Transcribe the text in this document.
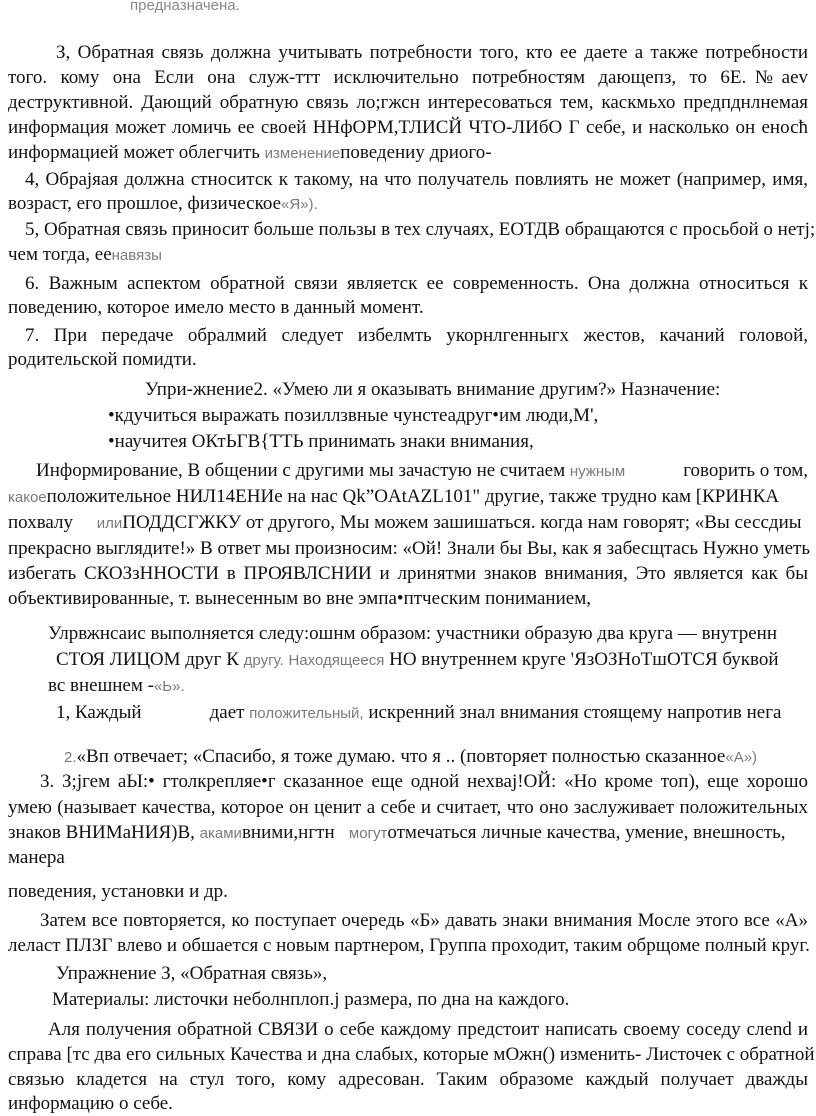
предназначена.

З, Обратная связь должна учитывать потребности того, кто ее даете а также потребности

того. кому она Если она служ-ттт исключительно потребностям дающепз, то 6Е.№aev

деструктивной. Дающий обратную связь ло;гжсн интересоваться тем, каскмьхо предпднлнемая

информация может ломичь ее своей ННфОРМ,ТЛИСЙ ЧТО-ЛИбО Г себе, и насколько он еносћ

информацией может облегчить изменениеповедениу дриого-

4, Обрајяая должна стноситск к такому, на что получатель повлиять не может (например, имя,

возраст, его прошлое, физическое«Я»).

5, Обратная связь приносит больше пользы в тех случаях, ЕОТДВ обращаются с просьбой о нетј;

чем тогда, еенавязы

6. Важным аспектом обратной связи являетск ее современность. Она должна относиться к

поведению, которое имело место в данный момент.

7. При передаче обралмий следует избелмть укорнлгенныгх жестов, качаний головой,

родительской помидти.

Упри-жнение2. «Умею ли я оказывать внимание другим?» Назначение:

•кдучиться выражать позиллзвные чунстеадруг•им люди,М',

•научитея ОКтЬГВ{ТТЬ принимать знаки внимания,

Информирование, В общении с другими мы зачастую не считаем нужным	говорить о том,

какоеположительное НИЛ14ЕНИе на нас Qk”OAtAZL101" другие, также трудно кам [КРИНКА

похвалу илиПОДДСГЖКУ от другого, Мы можем зашишаться. когда нам говорят; «Вы сессдиы

прекрасно выглядите!» В ответ мы произносим: «Ой! Знали бы Вы, как я забесщтась Нужно уметь

избегать СКОЗзННОСТИ в ПРОЯВЛСНИИ и лринятми знаков внимания, Это является как бы

объективированные, т. вынесенным во вне эмпа•птческим пониманием,

Улрвжнсаис выполняется следу:ошнм образом: участники образую два круга — внутренн

СТОЯ ЛИЦОМ друг К другу. Находящееся НО внутреннем круге 'ЯзОЗНоТшОТСЯ буквой

вс внешнем -«Ь».

1, Каждый	дает положительный, искренний знал внимания стоящему напротив нега

2.«Вп отвечает; «Спасибо, я тоже думаю. что я .. (повторяет полностью сказанное«А»)

3. З;jгем аЫ:• гтолкрепляе•г сказанное еще одной нехваj!ОЙ: «Но кроме топ), еще хорошо

умею (называет качества, которое он ценит а себе и считает, что оно заслуживает положительных

знаков ВНИМаНИЯ)В, акамивними,нгтн могутотмечаться личные качества, умение, внешность,

манера

поведения, установки и др.

Затем все повторяется, ко поступает очередь «Б» давать знаки внимания Мосле этого все «А»

леласт ПЛЗГ влево и обшается с новым партнером, Группа проходит, таким обрщоме полный круг.

Упражнение З, «Обратная связь»,

Материалы: листочки неболнплоп.j размера, по дна на каждого.

Аля получения обратной СВЯЗИ о себе каждому предстоит написать своему соседу слend и

справа [тс два его сильных Качества и дна слабых, которые мОжн() изменить- Листочек с обратной

связью кладется на стул того, кому адресован. Таким образоме каждый получает дважды

информацию о себе.
